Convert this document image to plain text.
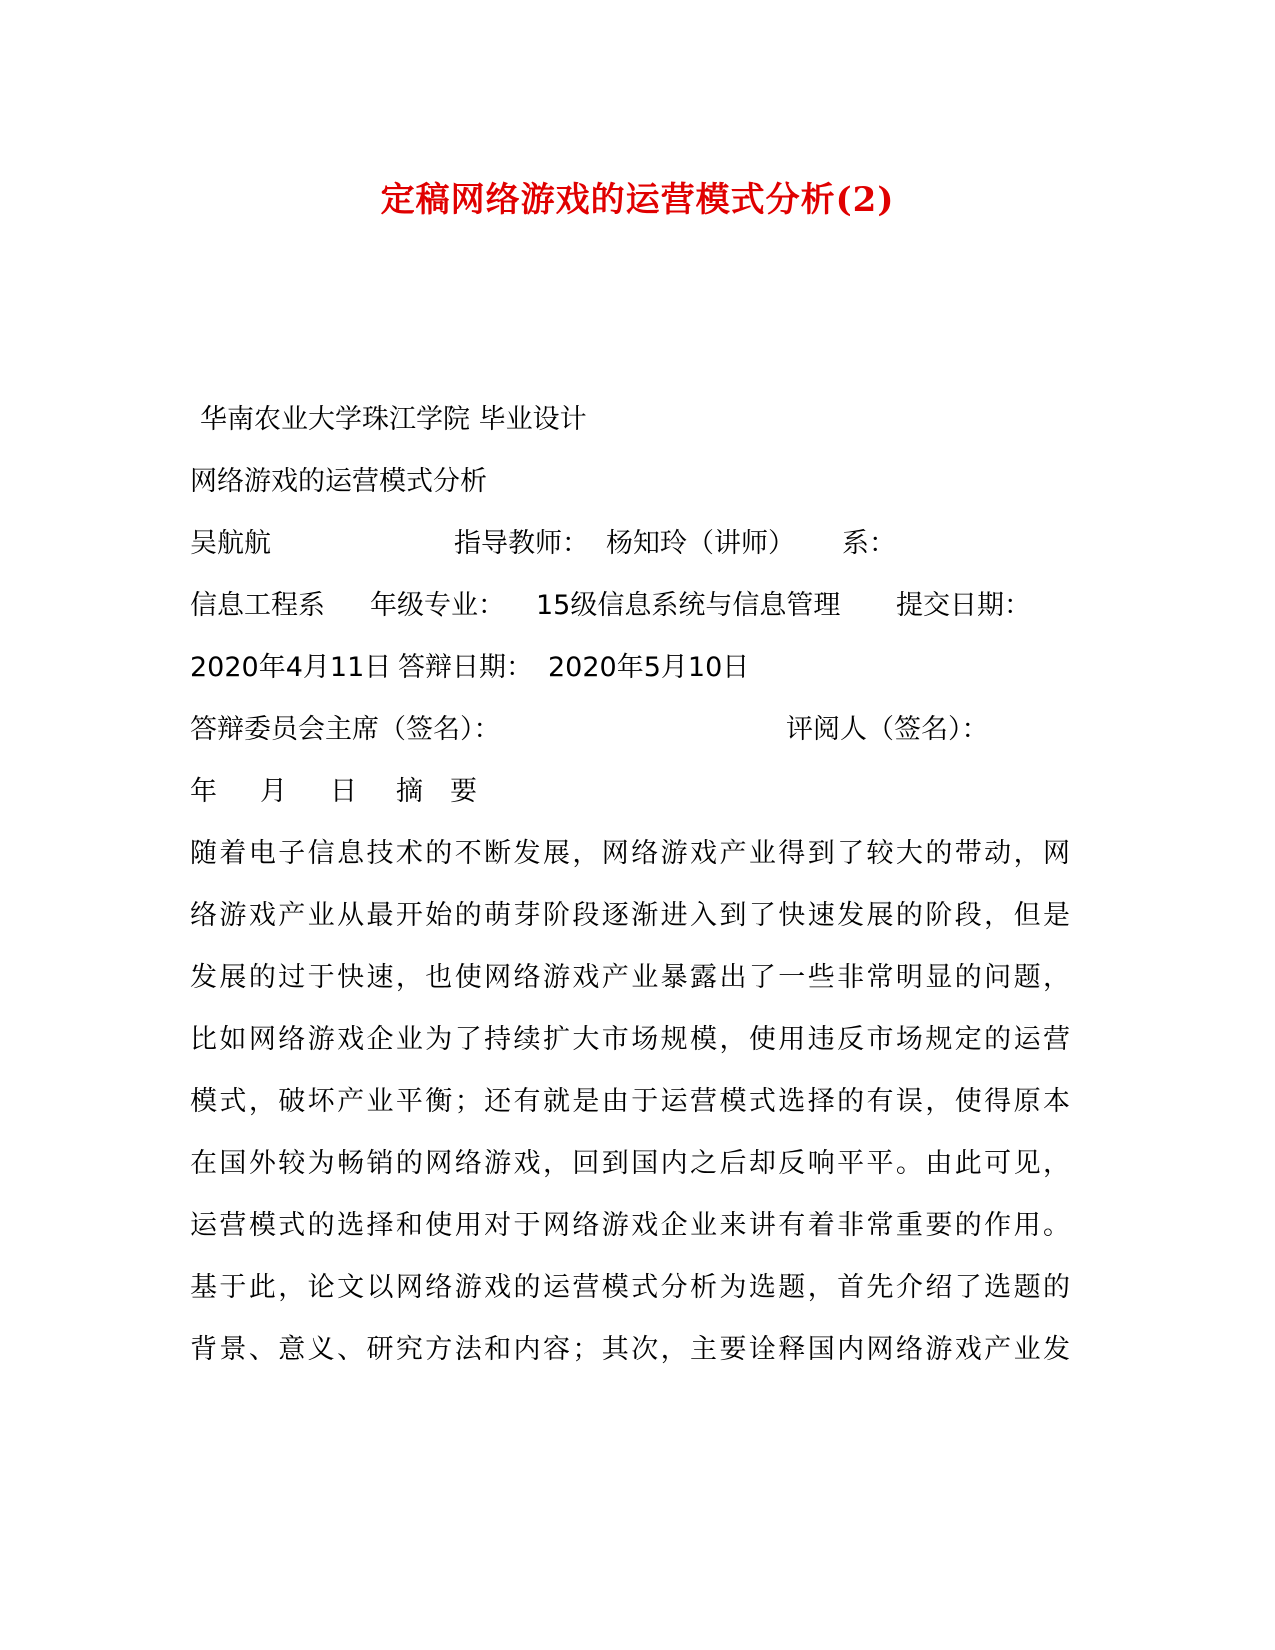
定稿网络游戏的运营模式分析(2)
华南农业大学珠江学院 毕业设计
网络游戏的运营模式分析
吴航航	指导教师： 杨知玲（讲师） 系：
信息工程系 年级专业： 15级信息系统与信息管理 提交日期：
2020年4月11日 答辩日期： 2020年5月10日
答辩委员会主席（签名）：	评阅人（签名）：
年 月 日 摘　要
随着电子信息技术的不断发展，网络游戏产业得到了较大的带动，网
络游戏产业从最开始的萌芽阶段逐渐进入到了快速发展的阶段，但是
发展的过于快速，也使网络游戏产业暴露出了一些非常明显的问题，
比如网络游戏企业为了持续扩大市场规模，使用违反市场规定的运营
模式，破坏产业平衡；还有就是由于运营模式选择的有误，使得原本
在国外较为畅销的网络游戏，回到国内之后却反响平平。由此可见，
运营模式的选择和使用对于网络游戏企业来讲有着非常重要的作用。
基于此，论文以网络游戏的运营模式分析为选题，首先介绍了选题的
背景、意义、研究方法和内容；其次，主要诠释国内网络游戏产业发
